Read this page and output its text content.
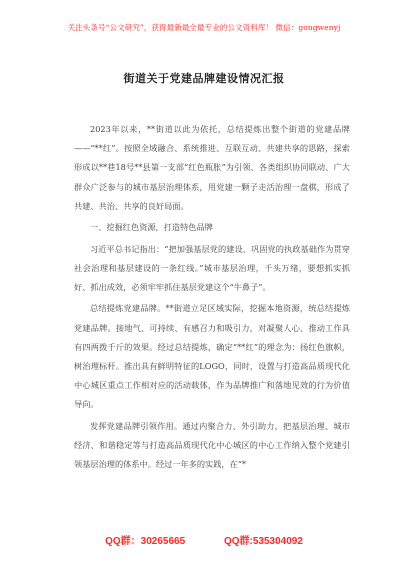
关注头条号“公文研究”，获得最新最全最专业的公文资料库！ 微信：gongwenyj
街道关于党建品牌建设情况汇报

2023年以来，**街道以此为依托，总结提炼出整个街道的党建品牌——“**红”。按照全域融合、系统推进、互联互动、共建共享的思路，探索形成以**巷18号**县第一支部“红色瓶胀”为引领、各类组织协同联动、广大群众广泛参与的城市基层治理体系，用党建一颗子走活治理一盘棋，形成了共建、共治、共享的良好局面。

一、挖掘红色资源，打造特色品牌

习近平总书记指出：“把加强基层党的建设、巩固党的执政基础作为贯穿社会治理和基层建设的一条红线。”城市基层治理，千头万绪，要想抓实抓好、抓出成效，必须牢牢抓住基层党建这个“牛鼻子”。

总结提炼党建品牌。**街道立足区域实际，挖掘本地资源，统总结提炼党建品牌。接地气、可持续、有感召力和吸引力，对凝聚人心、推动工作具有四两拨千斤的效果。经过总结提炼，确定“**红”的理念为：扬红色旗帜，树治理标杆。推出具有鲜明特征的LOGO，同时，设置与打造高品质现代化中心城区重点工作相对应的活动载体，作为品牌推广和落地见效的行为价值导向。

发挥党建品牌引领作用。通过内聚合力、外引助力，把基层治理、城市经济、和谐稳定等与打造高品质现代化中心城区的中心工作纳入整个党建引领基层治理的体系中。经过一年多的实践，在“*

QQ群：30265665	QQ群:535304092
